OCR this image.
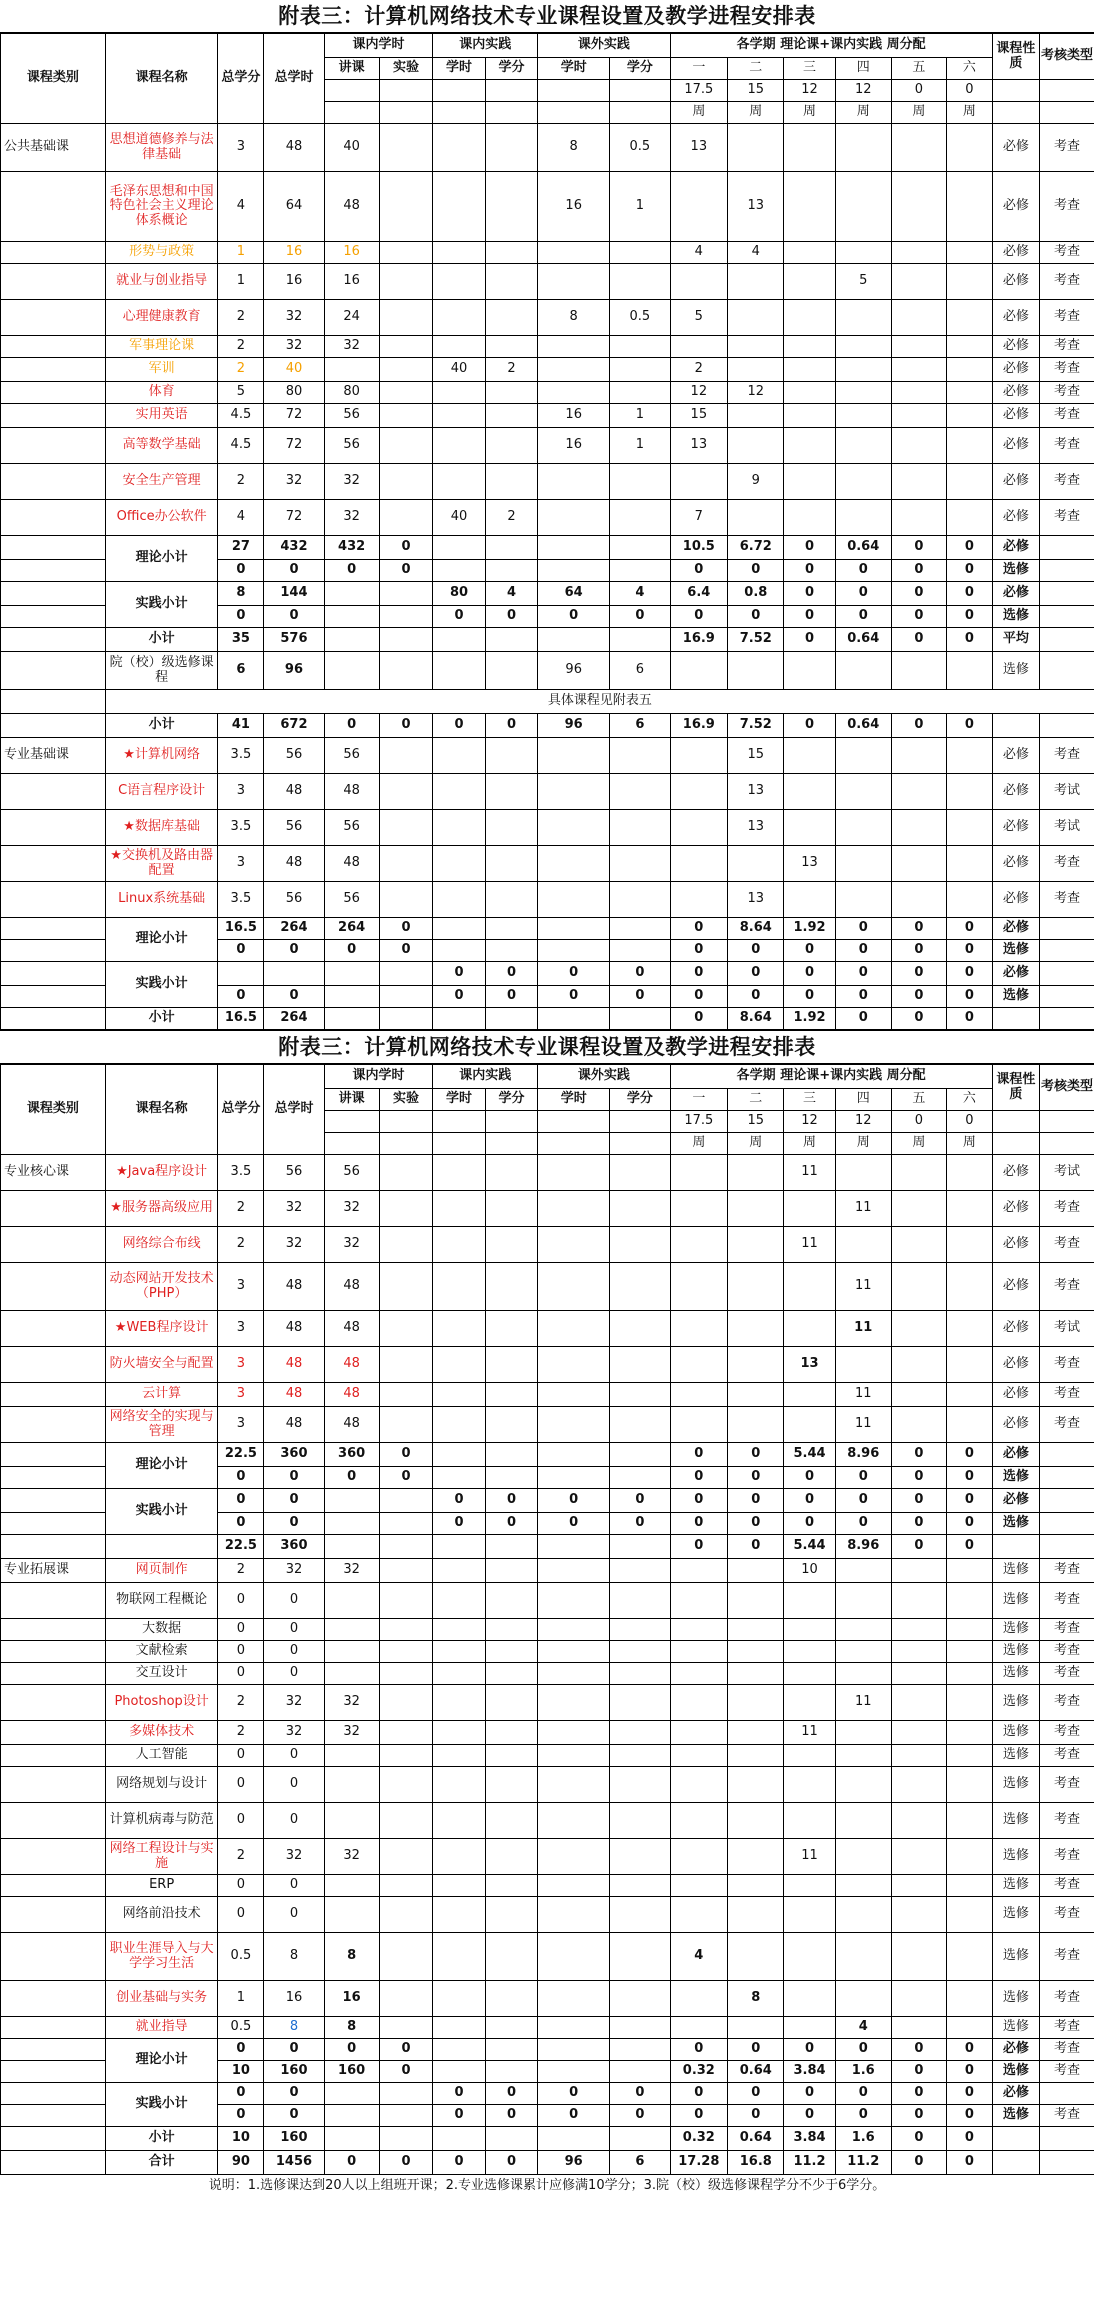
附表三：计算机网络技术专业课程设置及教学进程安排表
课程类别	课程名称	总学分	总学时	课内学时		课内实践		课外实践		各学期 理论课+课内实践 周分配						课程性质	考核类型
				讲课	实验	学时	学分	学时	学分	一	二	三	四	五	六		
										17.5	15	12	12	0	0		
										周	周	周	周	周	周		
公共基础课	思想道德修养与法律基础	3	48	40				8	0.5	13						必修	考查
	毛泽东思想和中国特色社会主义理论体系概论	4	64	48				16	1		13					必修	考查
	形势与政策	1	16	16						4	4					必修	考查
	就业与创业指导	1	16	16									5			必修	考查
	心理健康教育	2	32	24				8	0.5	5						必修	考查
	军事理论课	2	32	32												必修	考查
	军训	2	40			40	2			2						必修	考查
	体育	5	80	80						12	12					必修	考查
	实用英语	4.5	72	56				16	1	15						必修	考查
	高等数学基础	4.5	72	56				16	1	13						必修	考查
	安全生产管理	2	32	32							9					必修	考查
	Office办公软件	4	72	32		40	2			7						必修	考查
	理论小计	27	432	432	0					10.5	6.72	0	0.64	0	0	必修	
		0	0	0	0					0	0	0	0	0	0	选修	
	实践小计	8	144			80	4	64	4	6.4	0.8	0	0	0	0	必修	
		0	0			0	0	0	0	0	0	0	0	0	0	选修	
	小计	35	576							16.9	7.52	0	0.64	0	0	平均	
	院（校）级选修课程	6	96					96	6							选修	
	具体课程见附表五																
	小计	41	672	0	0	0	0	96	6	16.9	7.52	0	0.64	0	0		
专业基础课	★计算机网络	3.5	56	56							15					必修	考查
	C语言程序设计	3	48	48							13					必修	考试
	★数据库基础	3.5	56	56							13					必修	考试
	★交换机及路由器配置	3	48	48								13				必修	考查
	Linux系统基础	3.5	56	56							13					必修	考查
	理论小计	16.5	264	264	0					0	8.64	1.92	0	0	0	必修	
		0	0	0	0					0	0	0	0	0	0	选修	
	实践小计					0	0	0	0	0	0	0	0	0	0	必修	
		0	0			0	0	0	0	0	0	0	0	0	0	选修	
	小计	16.5	264							0	8.64	1.92	0	0	0		
附表三：计算机网络技术专业课程设置及教学进程安排表
课程类别	课程名称	总学分	总学时	课内学时		课内实践		课外实践		各学期 理论课+课内实践 周分配						课程性质	考核类型
				讲课	实验	学时	学分	学时	学分	一	二	三	四	五	六		
										17.5	15	12	12	0	0		
										周	周	周	周	周	周		
专业核心课	★Java程序设计	3.5	56	56								11				必修	考试
	★服务器高级应用	2	32	32									11			必修	考查
	网络综合布线	2	32	32								11				必修	考查
	动态网站开发技术（PHP）	3	48	48									11			必修	考查
	★WEB程序设计	3	48	48									11			必修	考试
	防火墙安全与配置	3	48	48								13				必修	考查
	云计算	3	48	48									11			必修	考查
	网络安全的实现与管理	3	48	48									11			必修	考查
	理论小计	22.5	360	360	0					0	0	5.44	8.96	0	0	必修	
		0	0	0	0					0	0	0	0	0	0	选修	
	实践小计	0	0			0	0	0	0	0	0	0	0	0	0	必修	
		0	0			0	0	0	0	0	0	0	0	0	0	选修	
		22.5	360							0	0	5.44	8.96	0	0		
专业拓展课	网页制作	2	32	32								10				选修	考查
	物联网工程概论	0	0													选修	考查
	大数据	0	0													选修	考查
	文献检索	0	0													选修	考查
	交互设计	0	0													选修	考查
	Photoshop设计	2	32	32									11			选修	考查
	多媒体技术	2	32	32								11				选修	考查
	人工智能	0	0													选修	考查
	网络规划与设计	0	0													选修	考查
	计算机病毒与防范	0	0													选修	考查
	网络工程设计与实施	2	32	32								11				选修	考查
	ERP	0	0													选修	考查
	网络前沿技术	0	0													选修	考查
	职业生涯导入与大学学习生活	0.5	8	8						4						选修	考查
	创业基础与实务	1	16	16							8					选修	考查
	就业指导	0.5	8	8									4			选修	考查
	理论小计	0	0	0	0					0	0	0	0	0	0	必修	考查
		10	160	160	0					0.32	0.64	3.84	1.6	0	0	选修	考查
	实践小计	0	0			0	0	0	0	0	0	0	0	0	0	必修	
		0	0			0	0	0	0	0	0	0	0	0	0	选修	考查
	小计	10	160							0.32	0.64	3.84	1.6	0	0		
	合计	90	1456	0	0	0	0	96	6	17.28	16.8	11.2	11.2	0	0		
说明：1.选修课达到20人以上组班开课；2.专业选修课累计应修满10学分；3.院（校）级选修课程学分不少于6学分。
